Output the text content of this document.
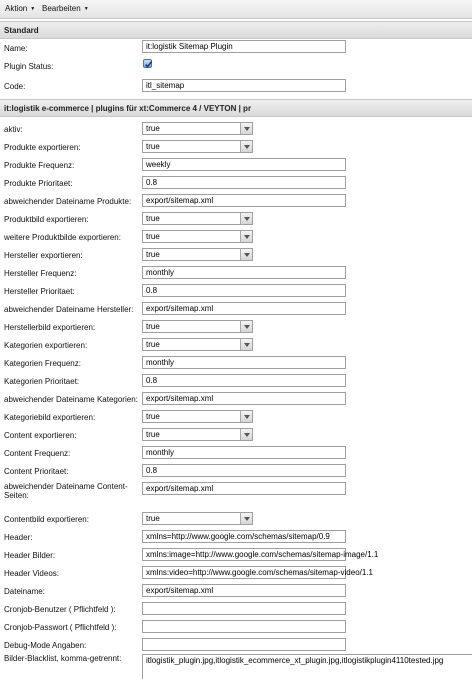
Aktion ▼ Bearbeiten ▼
Standard
Name:	it:logistik Sitemap Plugin
Plugin Status:
Code:	itl_sitemap
it:logistik e-commerce | plugins für xt:Commerce 4 / VEYTON | pr
Bilder-Blacklist, komma-getrennt:	itlogistik_plugin.jpg,itlogistik_ecommerce_xt_plugin.jpg,itlogistikplugin4110tested.jpg
aktiv:	true
Produkte exportieren:	true
Produkte Frequenz:	weekly
Produkte Prioritaet:	0.8
abweichender Dateiname Produkte:	export/sitemap.xml
Produktbild exportieren:	true
weitere Produktbilde exportieren:	true
Hersteller exportieren:	true
Hersteller Frequenz:	monthly
Hersteller Prioritaet:	0.8
abweichender Dateiname Hersteller:	export/sitemap.xml
Herstellerbild exportieren:	true
Kategorien exportieren:	true
Kategorien Frequenz:	monthly
Kategorien Prioritaet:	0.8
abweichender Dateiname Kategorien:	export/sitemap.xml
Kategoriebild exportieren:	true
Content exportieren:	true
Content Frequenz:	monthly
Content Prioritaet:	0.8
abweichender Dateiname Content-Seiten:
export/sitemap.xml
Contentbild exportieren:	true
Header:	xmlns=http://www.google.com/schemas/sitemap/0.9
Header Bilder:	xmlns:image=http://www.google.com/schemas/sitemap-image/1.1
Header Videos:	xmlns:video=http://www.google.com/schemas/sitemap-video/1.1
Dateiname:	export/sitemap.xml
Cronjob-Benutzer ( Pflichtfeld ):
Cronjob-Passwort ( Pflichtfeld ):
Debug-Mode Angaben:
